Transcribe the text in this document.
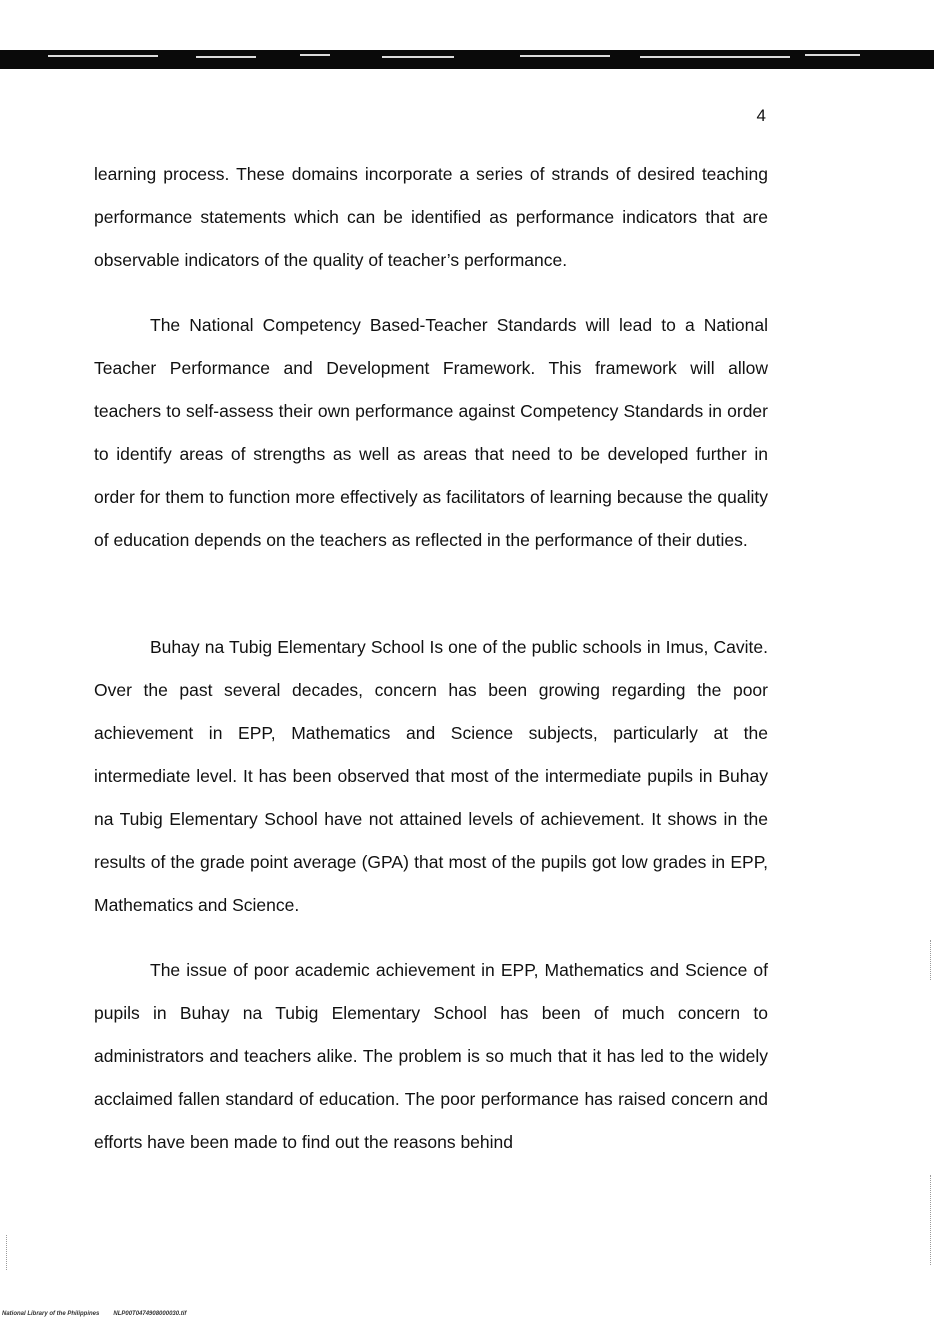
4

learning process. These domains incorporate a series of strands of desired teaching performance statements which can be identified as performance indicators that are observable indicators of the quality of teacher’s performance.

The National Competency Based-Teacher Standards will lead to a National Teacher Performance and Development Framework. This framework will allow teachers to self-assess their own performance against Competency Standards in order to identify areas of strengths as well as areas that need to be developed further in order for them to function more effectively as facilitators of learning because the quality of education depends on the teachers as reflected in the performance of their duties.

Buhay na Tubig Elementary School Is one of the public schools in Imus, Cavite. Over the past several decades, concern has been growing regarding the poor achievement in EPP, Mathematics and Science subjects, particularly at the intermediate level. It has been observed that most of the intermediate pupils in Buhay na Tubig Elementary School have not attained levels of achievement. It shows in the results of the grade point average (GPA) that most of the pupils got low grades in EPP, Mathematics and Science.

The issue of poor academic achievement in EPP, Mathematics and Science of pupils in Buhay na Tubig Elementary School has been of much concern to administrators and teachers alike. The problem is so much that it has led to the widely acclaimed fallen standard of education. The poor performance has raised concern and efforts have been made to find out the reasons behind

National Library of the Philippines NLP00T0474908000030.tif
